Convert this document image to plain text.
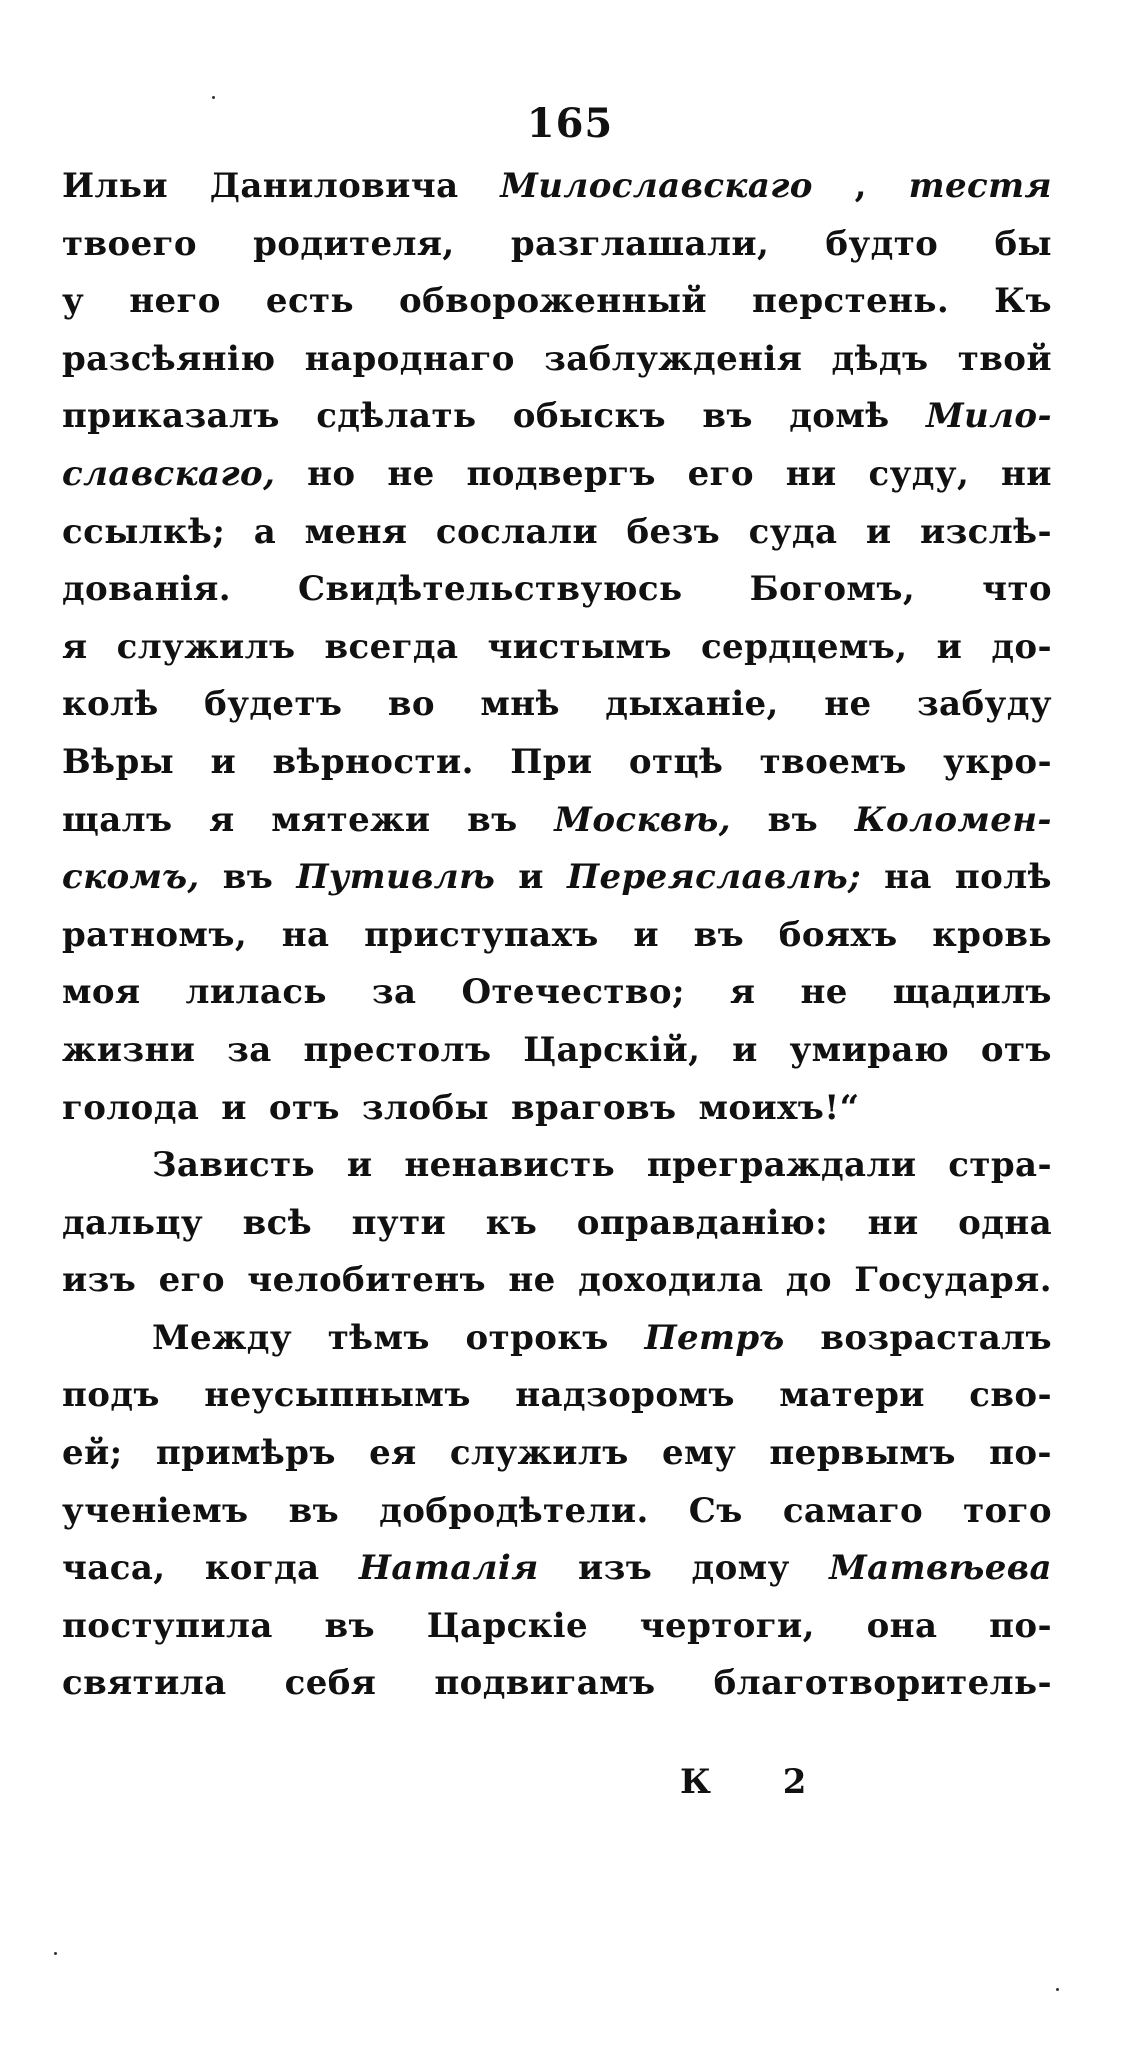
165
Ильи Даниловича Милославскаго , тестя
твоего родителя, разглашали, будто бы
у него есть обвороженный перстень. Къ
разсѣянію народнаго заблужденія дѣдъ твой
приказалъ сдѣлать обыскъ въ домѣ Мило-
славскаго, но не подвергъ его ни суду, ни
ссылкѣ; а меня сослали безъ суда и изслѣ-
дованія. Свидѣтельствуюсь Богомъ, что
я служилъ всегда чистымъ сердцемъ, и до-
колѣ будетъ во мнѣ дыханіе, не забуду
Вѣры и вѣрности. При отцѣ твоемъ укро-
щалъ я мятежи въ Москвѣ, въ Коломен-
скомъ, въ Путивлѣ и Переяславлѣ; на полѣ
ратномъ, на приступахъ и въ бояхъ кровь
моя лилась за Отечество; я не щадилъ
жизни за престолъ Царскій, и умираю отъ
голода и отъ злобы враговъ моихъ!“
Зависть и ненависть преграждали стра-
дальцу всѣ пути къ оправданію: ни одна
изъ его челобитенъ не доходила до Государя.
Между тѣмъ отрокъ Петръ возрасталъ
подъ неусыпнымъ надзоромъ матери сво-
ей; примѣръ ея служилъ ему первымъ по-
ученіемъ въ добродѣтели. Съ самаго того
часа, когда Наталія изъ дому Матвѣева
поступила въ Царскіе чертоги, она по-
святила себя подвигамъ благотворитель-
К 2
